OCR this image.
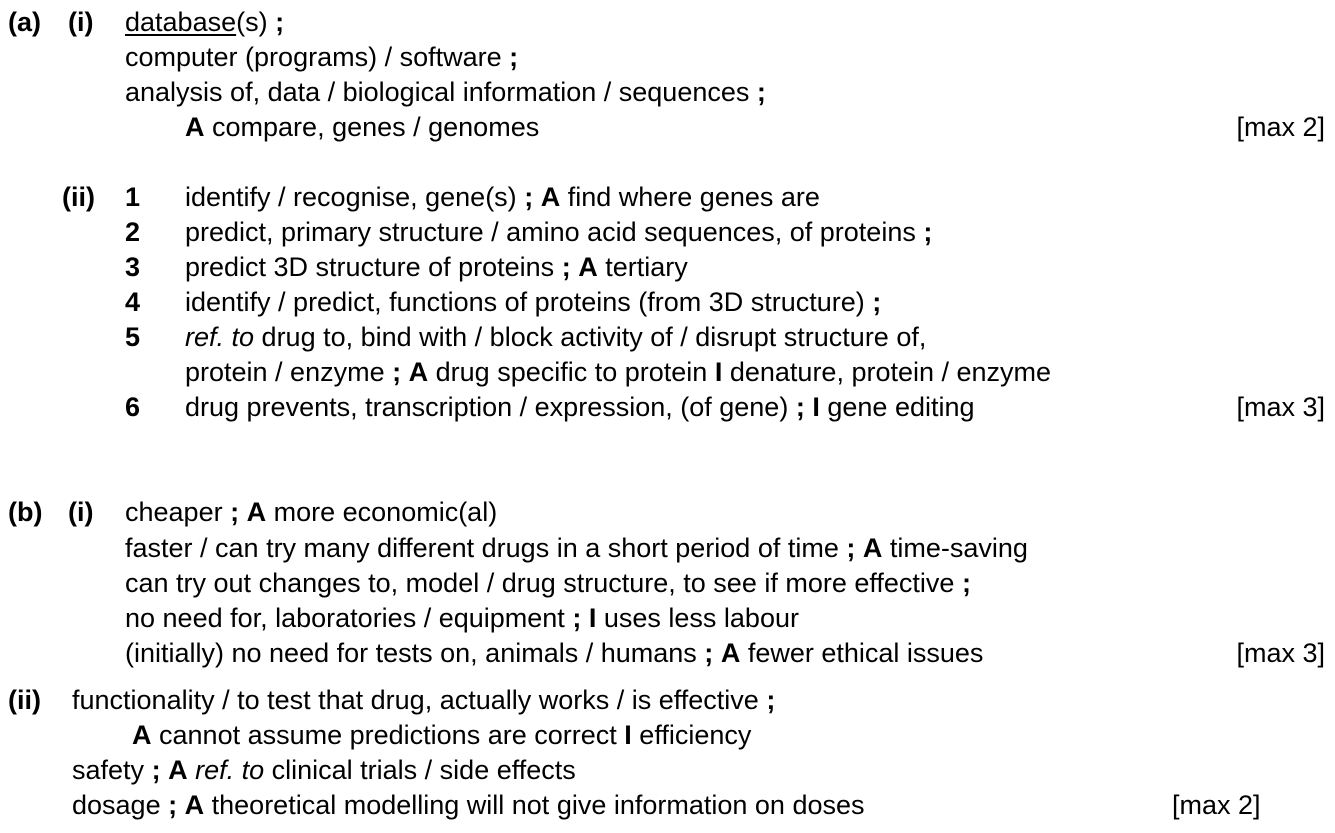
(a) (i) database(s) ;
computer (programs) / software ;
analysis of, data / biological information / sequences ;
A compare, genes / genomes	[max 2]
(ii) 1 identify / recognise, gene(s) ; A find where genes are
2 predict, primary structure / amino acid sequences, of proteins ;
3 predict 3D structure of proteins ; A tertiary
4 identify / predict, functions of proteins (from 3D structure) ;
5 ref. to drug to, bind with / block activity of / disrupt structure of,
protein / enzyme ; A drug specific to protein I denature, protein / enzyme
6 drug prevents, transcription / expression, (of gene) ; I gene editing	[max 3]
(b) (i) cheaper ; A more economic(al)
faster / can try many different drugs in a short period of time ; A time-saving
can try out changes to, model / drug structure, to see if more effective ;
no need for, laboratories / equipment ; I uses less labour
(initially) no need for tests on, animals / humans ; A fewer ethical issues	[max 3]
(ii) functionality / to test that drug, actually works / is effective ;
A cannot assume predictions are correct I efficiency
safety ; A ref. to clinical trials / side effects
dosage ; A theoretical modelling will not give information on doses	[max 2]
